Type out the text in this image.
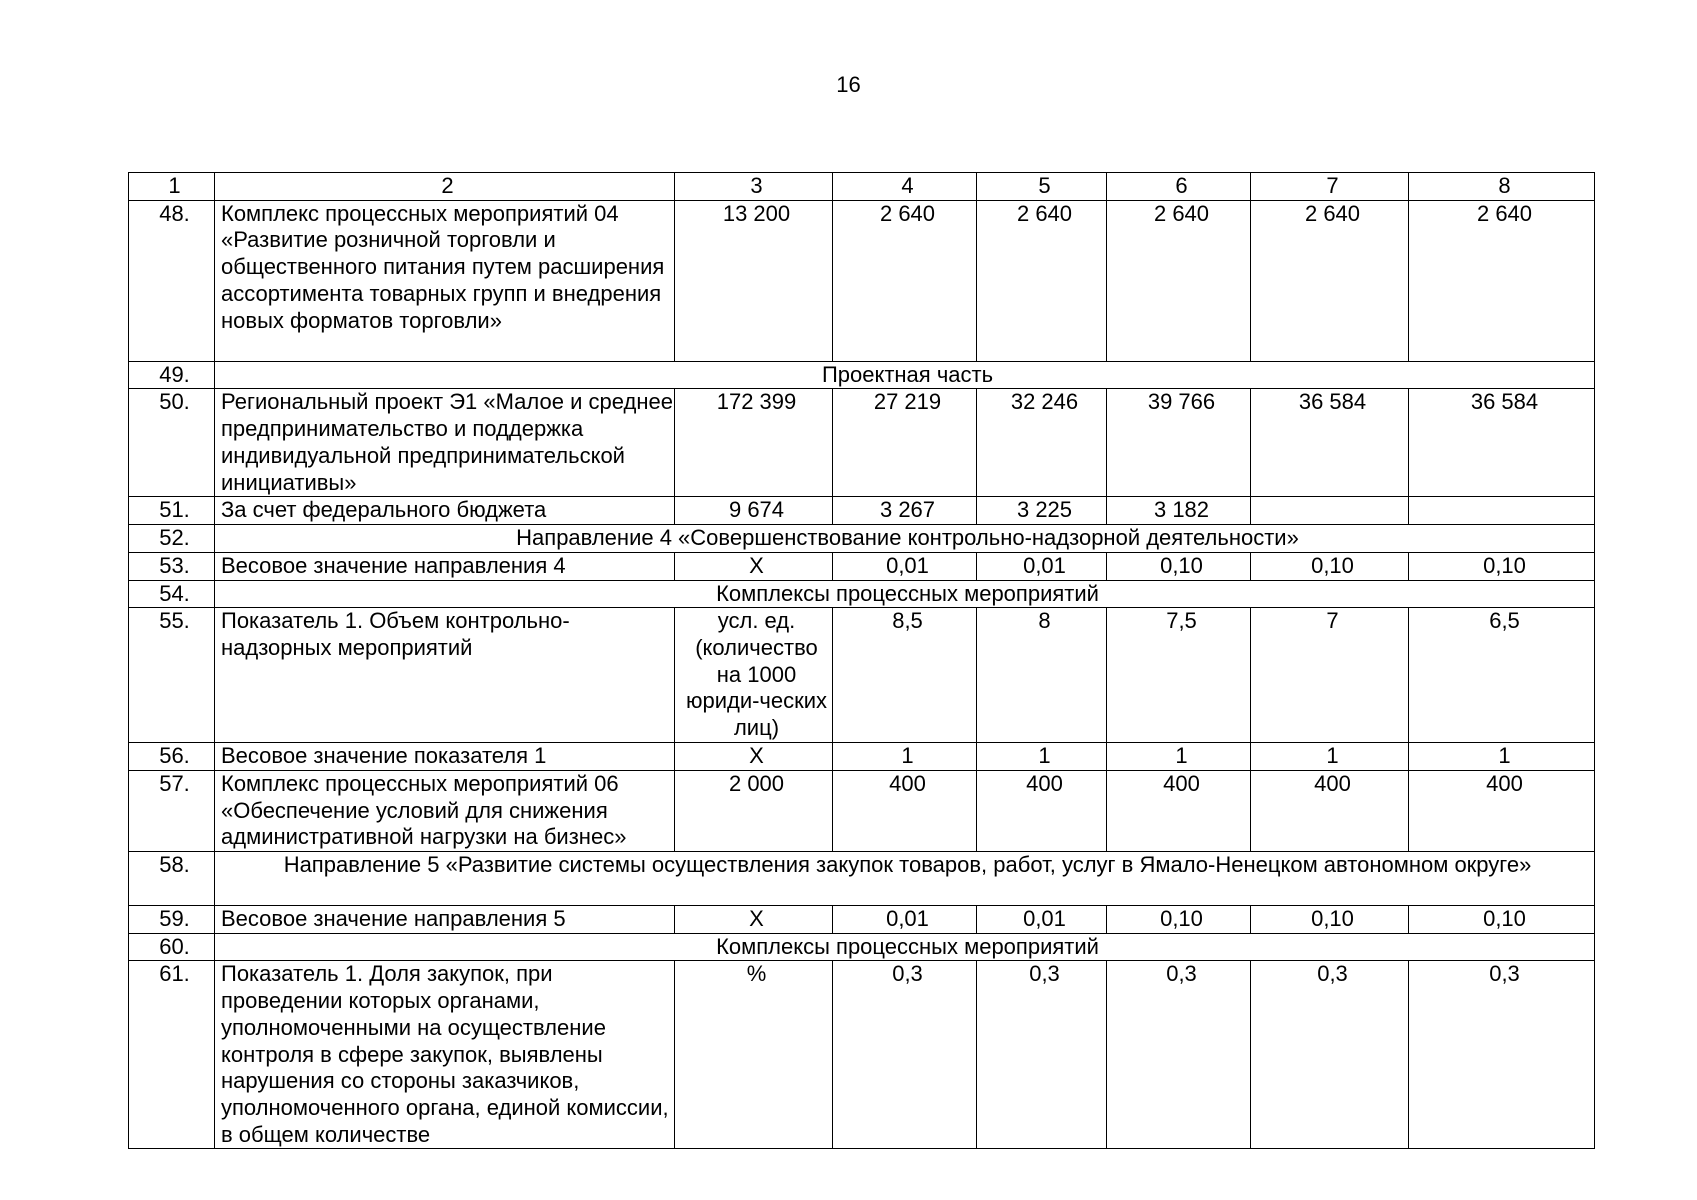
16
1	2	3	4	5	6	7	8
48.	Комплекс процессных мероприятий 04 «Развитие розничной торговли и общественного питания путем расширения ассортимента товарных групп и внедрения новых форматов торговли»	13 200	2 640	2 640	2 640	2 640	2 640
49.	Проектная часть						
50.	Региональный проект Э1 «Малое и среднее предпринимательство и поддержка индивидуальной предпринимательской инициативы»	172 399	27 219	32 246	39 766	36 584	36 584
51.	За счет федерального бюджета	9 674	3 267	3 225	3 182		
52.	Направление 4 «Совершенствование контрольно-надзорной деятельности»						
53.	Весовое значение направления 4	Х	0,01	0,01	0,10	0,10	0,10
54.	Комплексы процессных мероприятий						
55.	Показатель 1. Объем контрольно-надзорных мероприятий	усл. ед. (количество на 1000 юриди-ческих лиц)	8,5	8	7,5	7	6,5
56.	Весовое значение показателя 1	Х	1	1	1	1	1
57.	Комплекс процессных мероприятий 06 «Обеспечение условий для снижения административной нагрузки на бизнес»	2 000	400	400	400	400	400
58.	Направление 5 «Развитие системы осуществления закупок товаров, работ, услуг в Ямало-Ненецком автономном округе»						
59.	Весовое значение направления 5	Х	0,01	0,01	0,10	0,10	0,10
60.	Комплексы процессных мероприятий						
61.	Показатель 1. Доля закупок, при проведении которых органами, уполномоченными на осуществление контроля в сфере закупок, выявлены нарушения со стороны заказчиков, уполномоченного органа, единой комиссии, в общем количестве	%	0,3	0,3	0,3	0,3	0,3
